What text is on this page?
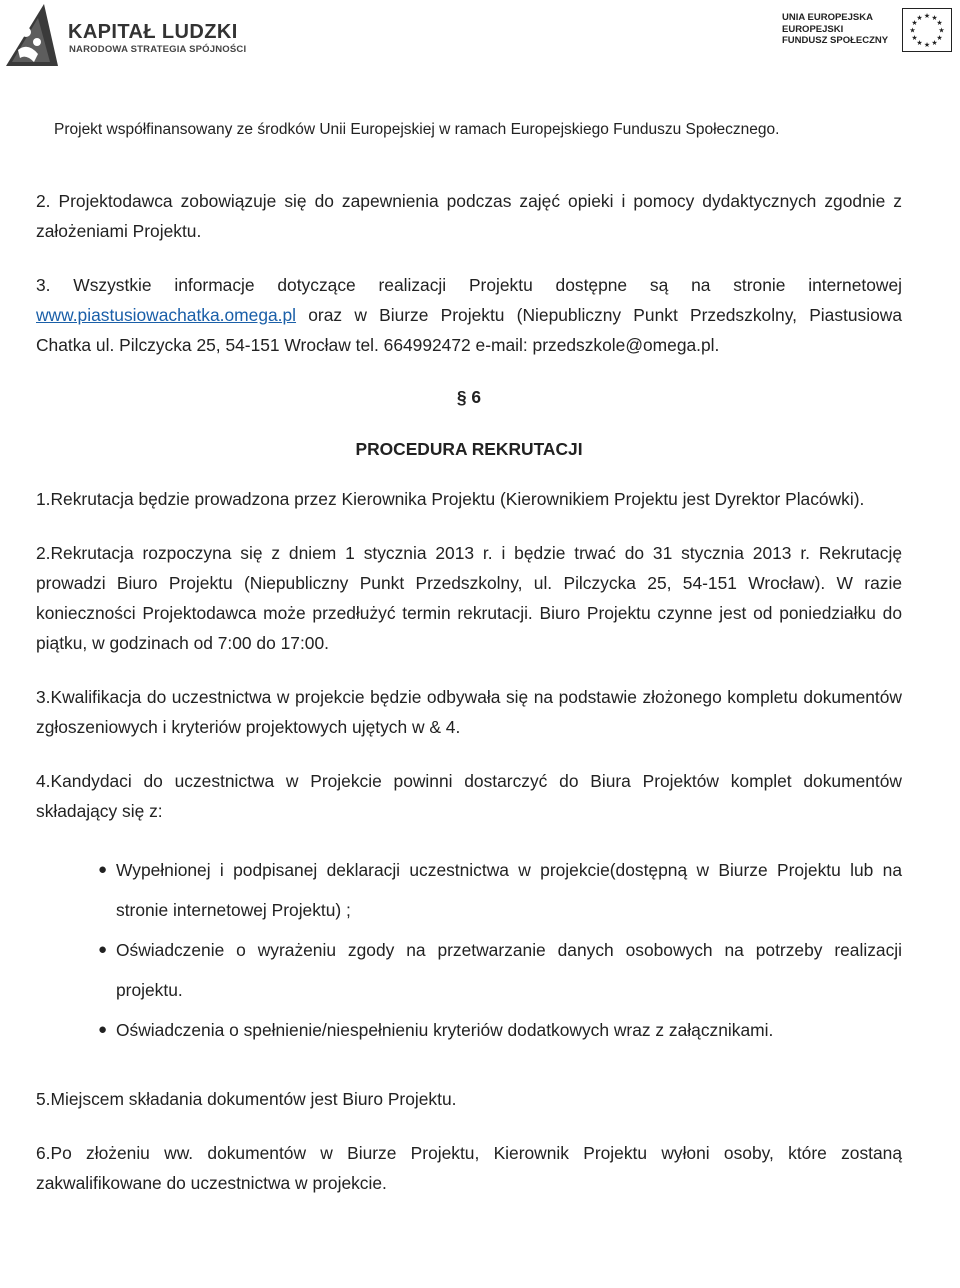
KAPITAŁ LUDZKI
NARODOWA STRATEGIA SPÓJNOŚCI
UNIA EUROPEJSKA
EUROPEJSKI
FUNDUSZ SPOŁECZNY
★ ★
★
★
★
★
★
★
★
★
★
★
Projekt współfinansowany ze środków Unii Europejskiej w ramach Europejskiego Funduszu Społecznego.

2. Projektodawca zobowiązuje się do zapewnienia podczas zajęć opieki i pomocy dydaktycznych zgodnie z założeniami Projektu.

3. Wszystkie informacje dotyczące realizacji Projektu dostępne są na stronie internetowej www.piastusiowachatka.omega.pl oraz w Biurze Projektu (Niepubliczny Punkt Przedszkolny, Piastusiowa Chatka ul. Pilczycka 25, 54-151 Wrocław tel. 664992472 e-mail: przedszkole@omega.pl.

§ 6
PROCEDURA REKRUTACJI

1.Rekrutacja będzie prowadzona przez Kierownika Projektu (Kierownikiem Projektu jest Dyrektor Placówki).

2.Rekrutacja rozpoczyna się z dniem 1 stycznia 2013 r. i będzie trwać do 31 stycznia 2013 r. Rekrutację prowadzi Biuro Projektu (Niepubliczny Punkt Przedszkolny, ul. Pilczycka 25, 54-151 Wrocław). W razie konieczności Projektodawca może przedłużyć termin rekrutacji. Biuro Projektu czynne jest od poniedziałku do piątku, w godzinach od 7:00 do 17:00.

3.Kwalifikacja do uczestnictwa w projekcie będzie odbywała się na podstawie złożonego kompletu dokumentów zgłoszeniowych i kryteriów projektowych ujętych w & 4.

4.Kandydaci do uczestnictwa w Projekcie powinni dostarczyć do Biura Projektów komplet dokumentów składający się z:

● Wypełnionej i podpisanej deklaracji uczestnictwa w projekcie(dostępną w Biurze Projektu lub na stronie internetowej Projektu) ;
● Oświadczenie o wyrażeniu zgody na przetwarzanie danych osobowych na potrzeby realizacji projektu.
● Oświadczenia o spełnienie/niespełnieniu kryteriów dodatkowych wraz z załącznikami.

5.Miejscem składania dokumentów jest Biuro Projektu.

6.Po złożeniu ww. dokumentów w Biurze Projektu, Kierownik Projektu wyłoni osoby, które zostaną zakwalifikowane do uczestnictwa w projekcie.
